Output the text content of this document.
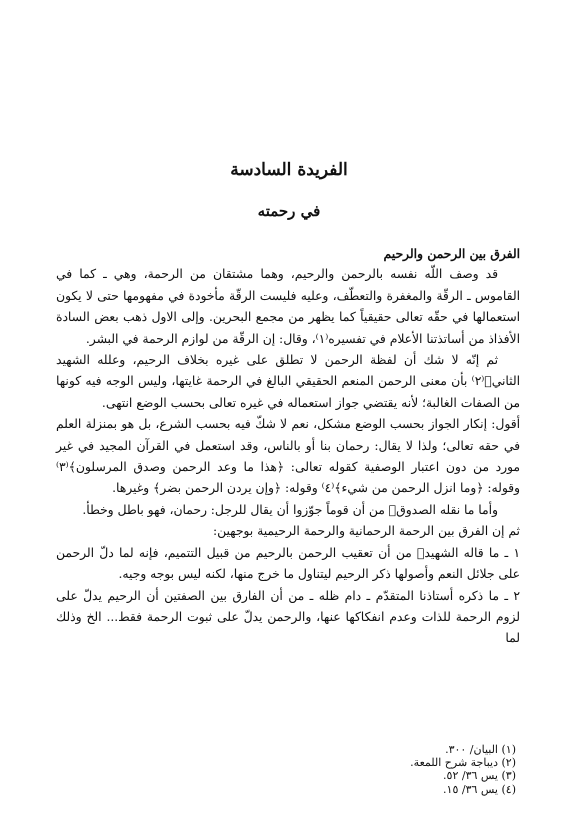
الفريدة السادسة
في رحمته

الفرق بين الرحمن والرحيم

قد وصف اللّه نفسه بالرحمن والرحيم، وهما مشتقان من الرحمة، وهي ـ كما في القاموس ـ الرقّة والمغفرة والتعطّف، وعليه فليست الرقّة مأخودة في مفهومها حتى لا يكون استعمالها في حقّه تعالى حقيقياً كما يظهر من مجمع البحرين. وإلى الاول ذهب بعض السادة الأفذاذ من أساتذتنا الأعلام في تفسيره⁽١⁾، وقال: إن الرقّة من لوازم الرحمة في البشر.

ثم إنّه لا شك أن لفظة الرحمن لا تطلق على غيره بخلاف الرحيم، وعلله الشهيد الثاني﷫⁽٢⁾ بأن معنى الرحمن المنعم الحقيقي البالغ في الرحمة غايتها، وليس الوجه فيه كونها من الصفات الغالبة؛ لأنه يقتضي جواز استعماله في غيره تعالى بحسب الوضع انتهى.

أقول: إنكار الجواز بحسب الوضع مشكل، نعم لا شكّ فيه بحسب الشرع، بل هو بمنزلة العلم في حقه تعالى؛ ولذا لا يقال: رحمان بنا أو بالناس، وقد استعمل في القرآن المجيد في غير مورد من دون اعتبار الوصفية كقوله تعالى: ﴿هذا ما وعد الرحمن وصدق المرسلون﴾⁽٣⁾ وقوله: ﴿وما انزل الرحمن من شيء﴾⁽٤⁾ وقوله: ﴿وإن يردن الرحمن بضر﴾ وغيرها.

وأما ما نقله الصدوق﷫ من أن قوماً جوّزوا أن يقال للرجل: رحمان، فهو باطل وخطأ.

ثم إن الفرق بين الرحمة الرحمانية والرحمة الرحيمية بوجهين:

١ ـ ما قاله الشهيد﷫ من أن تعقيب الرحمن بالرحيم من قبيل التتميم، فإنه لما دلّ الرحمن على جلائل النعم وأصولها ذكر الرحيم ليتناول ما خرج منها، لكنه ليس بوجه وجيه.

٢ ـ ما ذكره أستاذنا المتقدّم ـ دام ظله ـ من أن الفارق بين الصفتين أن الرحيم يدلّ على لزوم الرحمة للذات وعدم انفكاكها عنها، والرحمن يدلّ على ثبوت الرحمة فقط... الخ وذلك لما

(١) البيان/ ٣٠٠.
(٢) ديباجة شرح اللمعة.
(٣) يس ٣٦/ ٥٢.
(٤) يس ٣٦/ ١٥.
